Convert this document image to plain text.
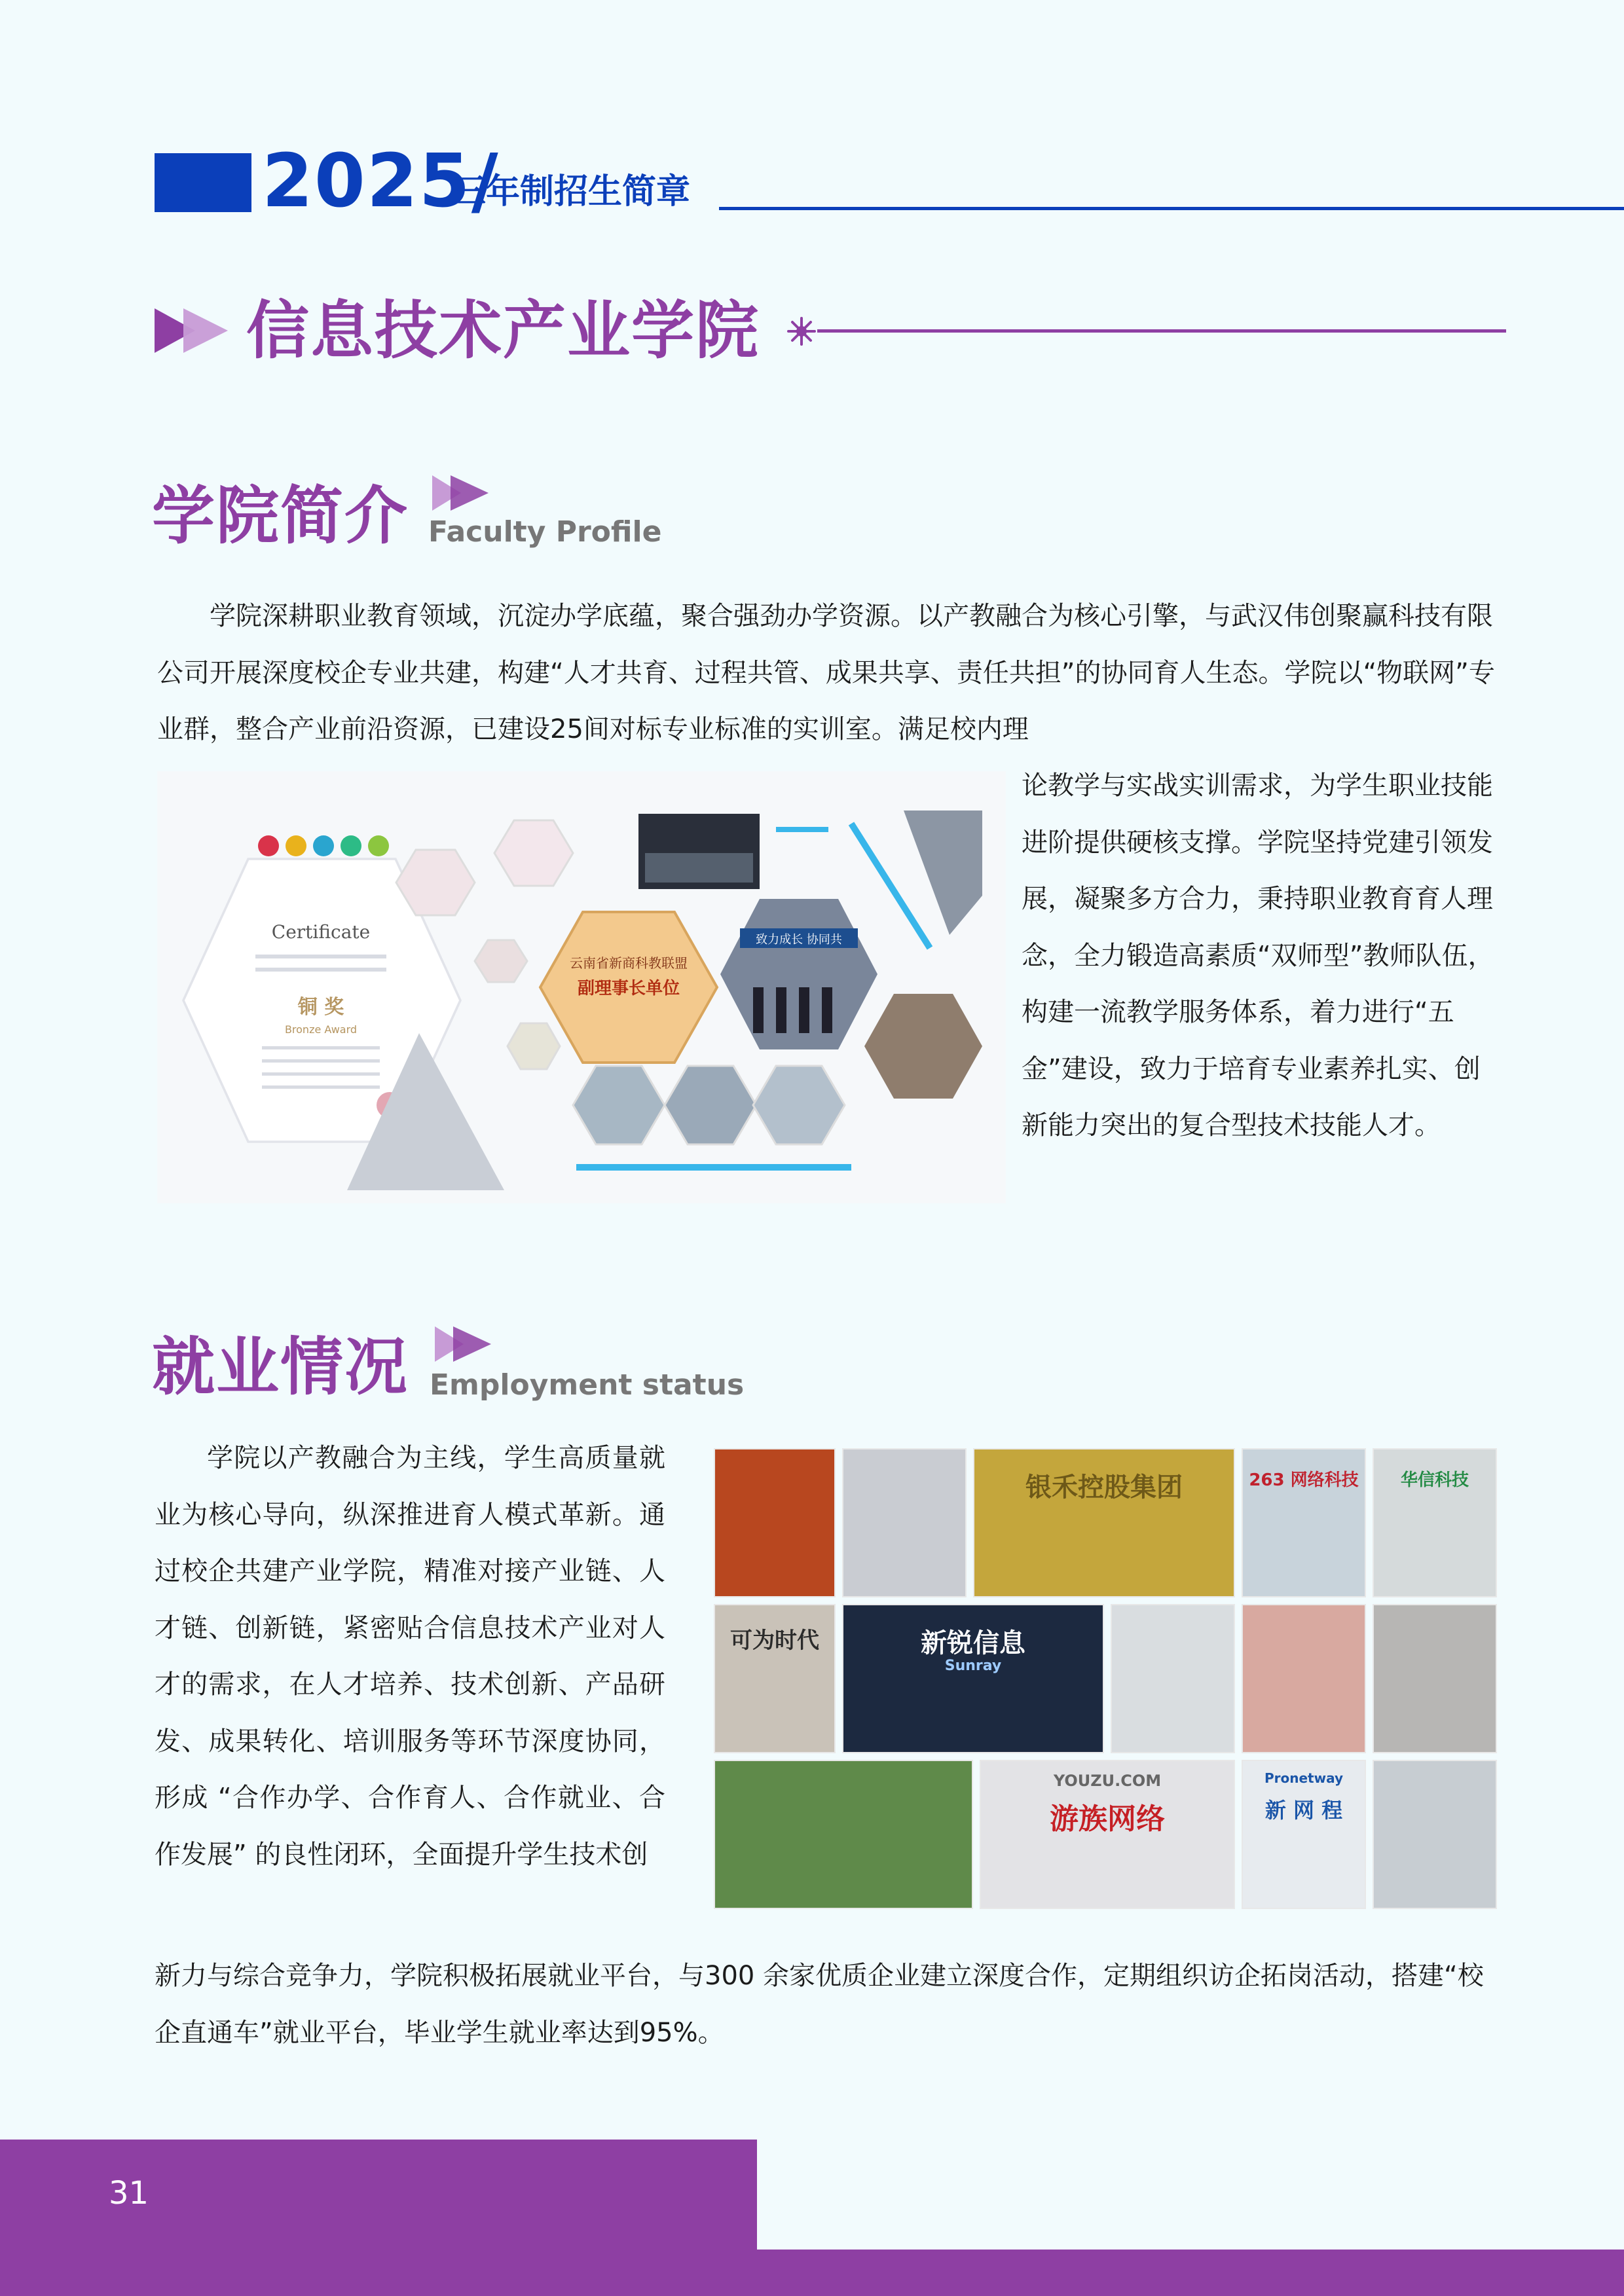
2025/
三年制招生简章
信息技术产业学院
学院简介 Faculty Profile

学院深耕职业教育领域，沉淀办学底蕴，聚合强劲办学资源。以产教融合为核心引擎，与武汉伟创聚赢科技有限公司开展深度校企专业共建，构建“人才共育、过程共管、成果共享、责任共担”的协同育人生态。学院以“物联网”专业群，整合产业前沿资源，已建设25间对标专业标准的实训室。满足校内理

论教学与实战实训需求，为学生职业技能进阶提供硬核支撑。学院坚持党建引领发展，凝聚多方合力，秉持职业教育育人理念，全力锻造高素质“双师型”教师队伍，构建一流教学服务体系，着力进行“五金”建设，致力于培育专业素养扎实、创新能力突出的复合型技术技能人才。

Certificate
铜 奖
Bronze Award
云南省新商科教联盟
副理事长单位
致力成长 协同共
就业情况 Employment status

学院以产教融合为主线，学生高质量就业为核心导向，纵深推进育人模式革新。通过校企共建产业学院，精准对接产业链、人才链、创新链，紧密贴合信息技术产业对人才的需求，在人才培养、技术创新、产品研发、成果转化、培训服务等环节深度协同，形成 “合作办学、合作育人、合作就业、合作发展” 的良性闭环，全面提升学生技术创

银禾控股集团	263 网络科技	华信科技
可为时代	新锐信息
Sunray
YOUZU.COM
游族网络
Pronetway
新 网 程

新力与综合竞争力，学院积极拓展就业平台，与300 余家优质企业建立深度合作，定期组织访企拓岗活动，搭建“校企直通车”就业平台，毕业学生就业率达到95%。

31
